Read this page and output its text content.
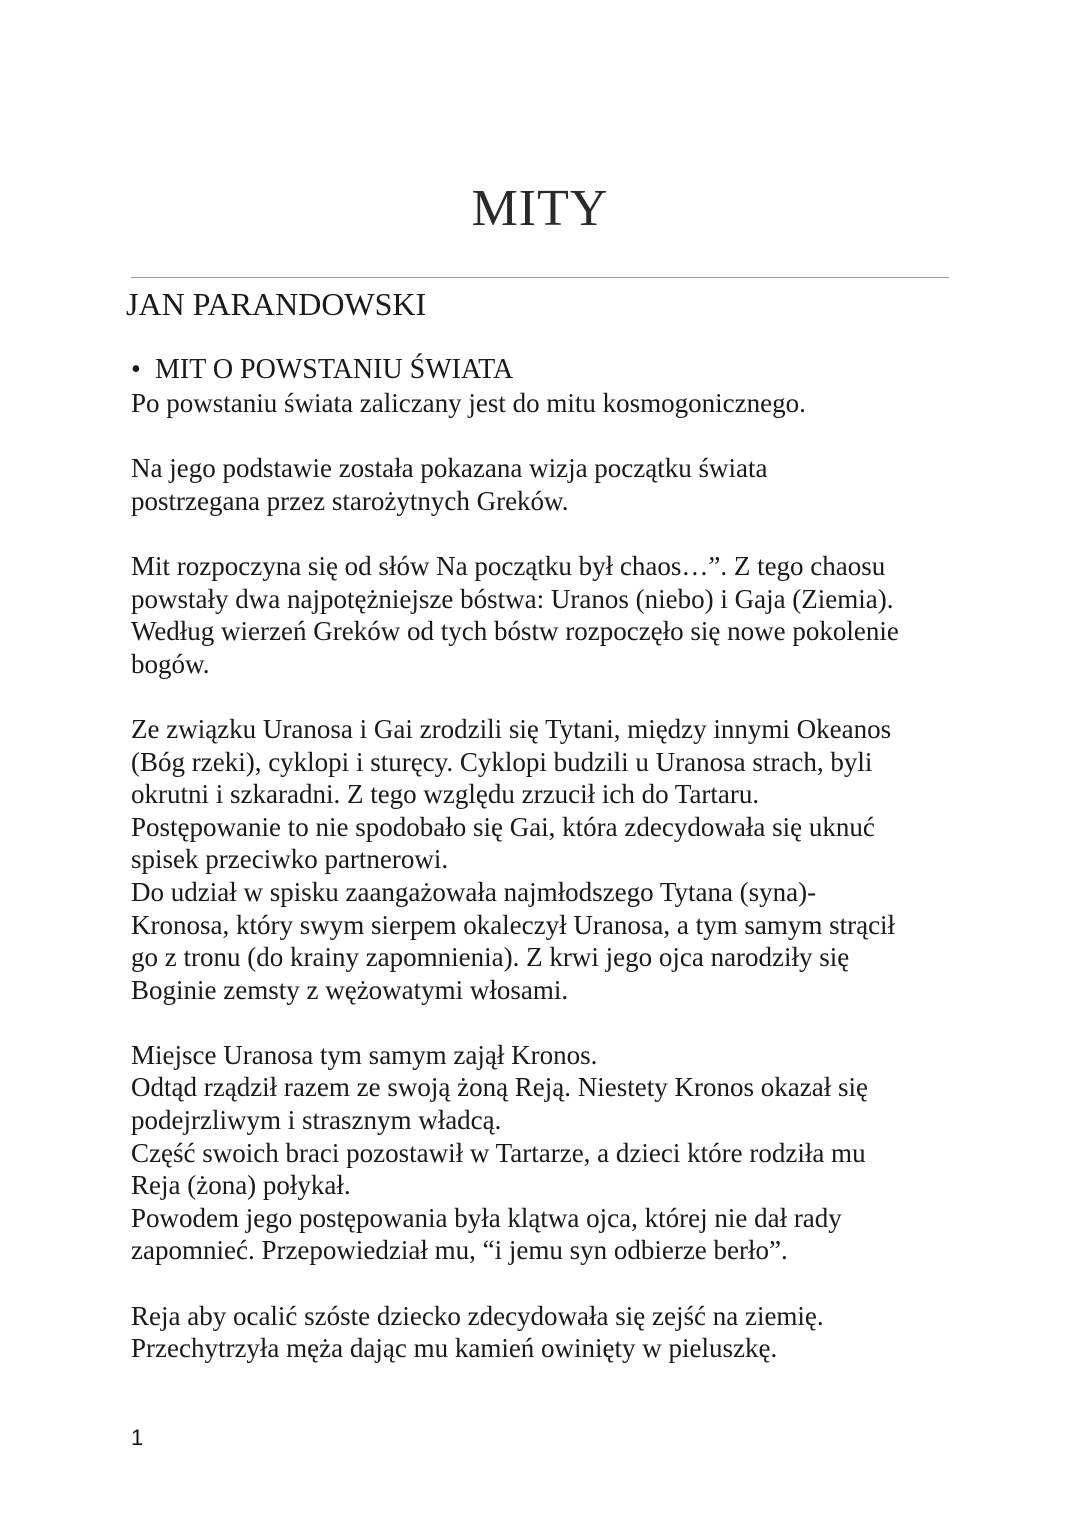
MITY
JAN PARANDOWSKI
• MIT O POWSTANIU ŚWIATA

Po powstaniu świata zaliczany jest do mitu kosmogonicznego.

Na jego podstawie została pokazana wizja początku świata
postrzegana przez starożytnych Greków.

Mit rozpoczyna się od słów Na początku był chaos…”. Z tego chaosu
powstały dwa najpotężniejsze bóstwa: Uranos (niebo) i Gaja (Ziemia).
Według wierzeń Greków od tych bóstw rozpoczęło się nowe pokolenie
bogów.

Ze związku Uranosa i Gai zrodzili się Tytani, między innymi Okeanos
(Bóg rzeki), cyklopi i sturęcy. Cyklopi budzili u Uranosa strach, byli
okrutni i szkaradni. Z tego względu zrzucił ich do Tartaru.
Postępowanie to nie spodobało się Gai, która zdecydowała się uknuć
spisek przeciwko partnerowi.
Do udział w spisku zaangażowała najmłodszego Tytana (syna)-
Kronosa, który swym sierpem okaleczył Uranosa, a tym samym strącił
go z tronu (do krainy zapomnienia). Z krwi jego ojca narodziły się
Boginie zemsty z wężowatymi włosami.

Miejsce Uranosa tym samym zajął Kronos.
Odtąd rządził razem ze swoją żoną Reją. Niestety Kronos okazał się
podejrzliwym i strasznym władcą.
Część swoich braci pozostawił w Tartarze, a dzieci które rodziła mu
Reja (żona) połykał.
Powodem jego postępowania była klątwa ojca, której nie dał rady
zapomnieć. Przepowiedział mu, “i jemu syn odbierze berło”.

Reja aby ocalić szóste dziecko zdecydowała się zejść na ziemię.
Przechytrzyła męża dając mu kamień owinięty w pieluszkę.

1
